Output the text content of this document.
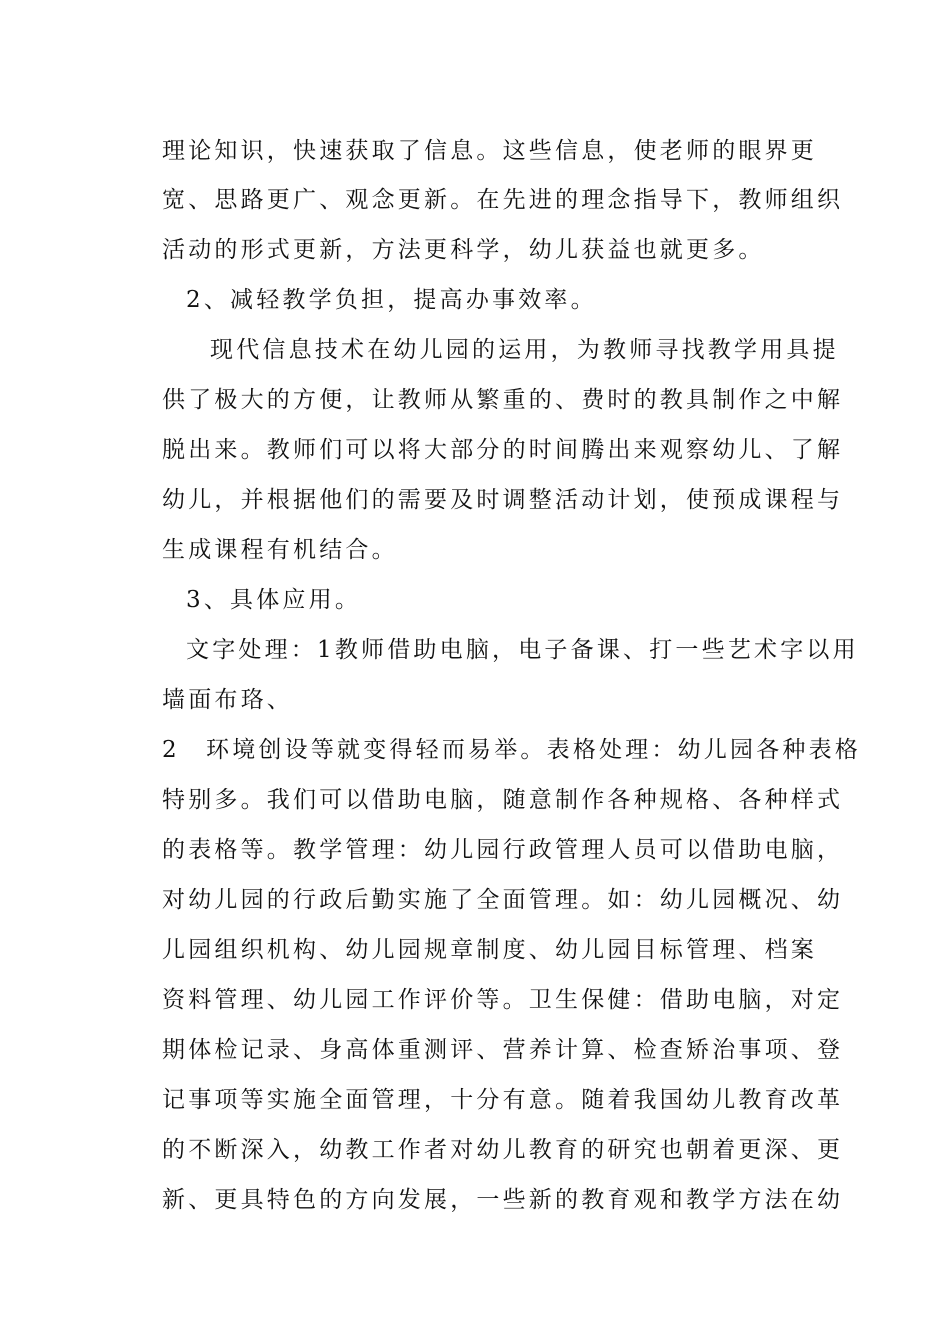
理论知识，快速获取了信息。这些信息，使老师的眼界更
宽、思路更广、观念更新。在先进的理念指导下，教师组织
活动的形式更新，方法更科学，幼儿获益也就更多。
2、减轻教学负担，提高办事效率。
现代信息技术在幼儿园的运用，为教师寻找教学用具提
供了极大的方便，让教师从繁重的、费时的教具制作之中解
脱出来。教师们可以将大部分的时间腾出来观察幼儿、了解
幼儿，并根据他们的需要及时调整活动计划，使预成课程与
生成课程有机结合。
3、具体应用。
文字处理：1教师借助电脑，电子备课、打一些艺术字以用
墙面布珞、
2　环境创设等就变得轻而易举。表格处理：幼儿园各种表格
特别多。我们可以借助电脑，随意制作各种规格、各种样式
的表格等。教学管理：幼儿园行政管理人员可以借助电脑，
对幼儿园的行政后勤实施了全面管理。如：幼儿园概况、幼
儿园组织机构、幼儿园规章制度、幼儿园目标管理、档案
资料管理、幼儿园工作评价等。卫生保健：借助电脑，对定
期体检记录、身高体重测评、营养计算、检查矫治事项、登
记事项等实施全面管理，十分有意。随着我国幼儿教育改革
的不断深入，幼教工作者对幼儿教育的研究也朝着更深、更
新、更具特色的方向发展，一些新的教育观和教学方法在幼
